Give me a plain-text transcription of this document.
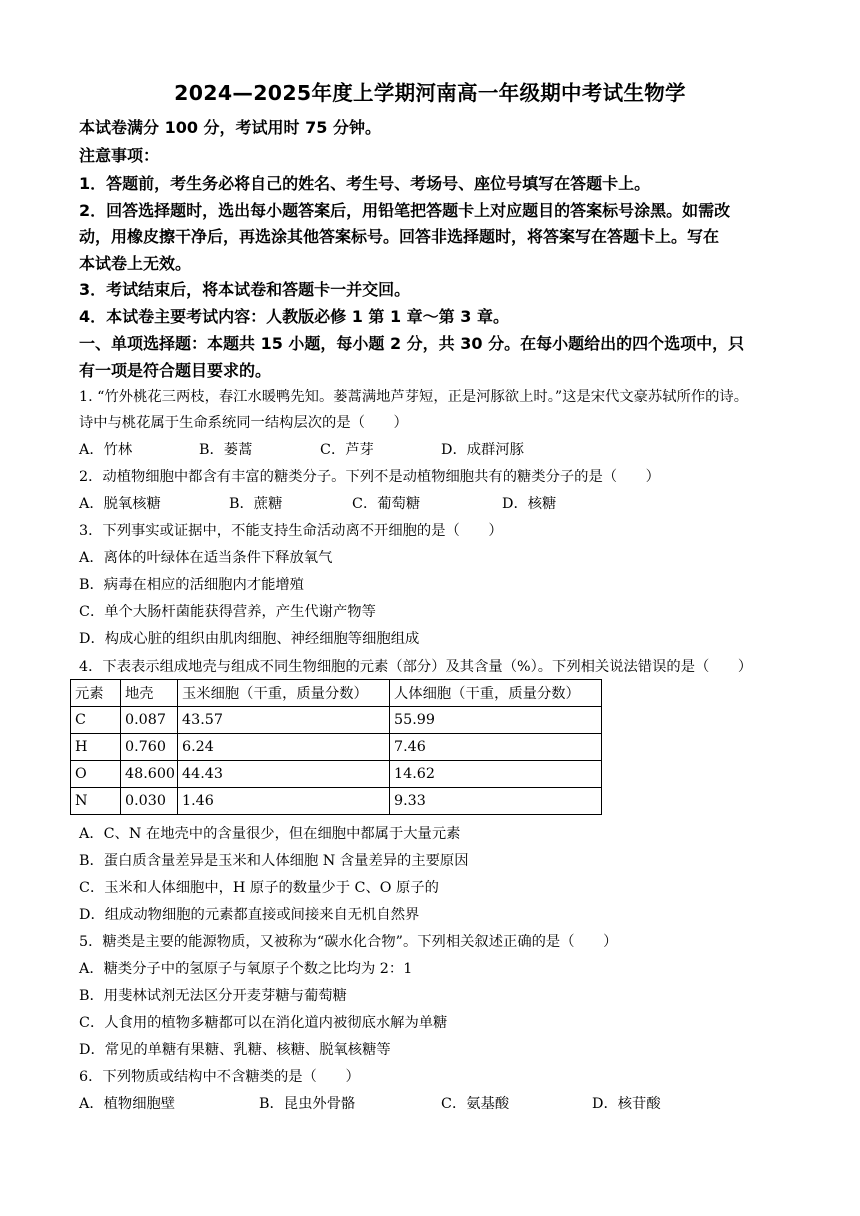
2024—2025年度上学期河南高一年级期中考试生物学
本试卷满分 100 分，考试用时 75 分钟。
注意事项：
1．答题前，考生务必将自己的姓名、考生号、考场号、座位号填写在答题卡上。
2．回答选择题时，选出每小题答案后，用铅笔把答题卡上对应题目的答案标号涂黑。如需改
动，用橡皮擦干净后，再选涂其他答案标号。回答非选择题时，将答案写在答题卡上。写在
本试卷上无效。
3．考试结束后，将本试卷和答题卡一并交回。
4．本试卷主要考试内容：人教版必修 1 第 1 章～第 3 章。
一、单项选择题：本题共 15 小题，每小题 2 分，共 30 分。在每小题给出的四个选项中，只
有一项是符合题目要求的。
1. “竹外桃花三两枝，春江水暖鸭先知。蒌蒿满地芦芽短，正是河豚欲上时。”这是宋代文豪苏轼所作的诗。
诗中与桃花属于生命系统同一结构层次的是（　　）
A．竹林	B．蒌蒿	C．芦芽	D．成群河豚
2．动植物细胞中都含有丰富的糖类分子。下列不是动植物细胞共有的糖类分子的是（　　）
A．脱氧核糖	B．蔗糖	C．葡萄糖	D．核糖
3．下列事实或证据中，不能支持生命活动离不开细胞的是（　　）
A．离体的叶绿体在适当条件下释放氧气
B．病毒在相应的活细胞内才能增殖
C．单个大肠杆菌能获得营养，产生代谢产物等
D．构成心脏的组织由肌肉细胞、神经细胞等细胞组成
4．下表表示组成地壳与组成不同生物细胞的元素（部分）及其含量（%）。下列相关说法错误的是（　　）
元素	地壳	玉米细胞（干重，质量分数）	人体细胞（干重，质量分数）
C	0.087	43.57	55.99
H	0.760	6.24	7.46
O	48.600	44.43	14.62
N	0.030	1.46	9.33
A．C、N 在地壳中的含量很少，但在细胞中都属于大量元素
B．蛋白质含量差异是玉米和人体细胞 N 含量差异的主要原因
C．玉米和人体细胞中，H 原子的数量少于 C、O 原子的
D．组成动物细胞的元素都直接或间接来自无机自然界
5．糖类是主要的能源物质，又被称为“碳水化合物”。下列相关叙述正确的是（　　）
A．糖类分子中的氢原子与氧原子个数之比均为 2：1
B．用斐林试剂无法区分开麦芽糖与葡萄糖
C．人食用的植物多糖都可以在消化道内被彻底水解为单糖
D．常见的单糖有果糖、乳糖、核糖、脱氧核糖等
6．下列物质或结构中不含糖类的是（　　）
A．植物细胞壁	B．昆虫外骨骼	C．氨基酸	D．核苷酸
